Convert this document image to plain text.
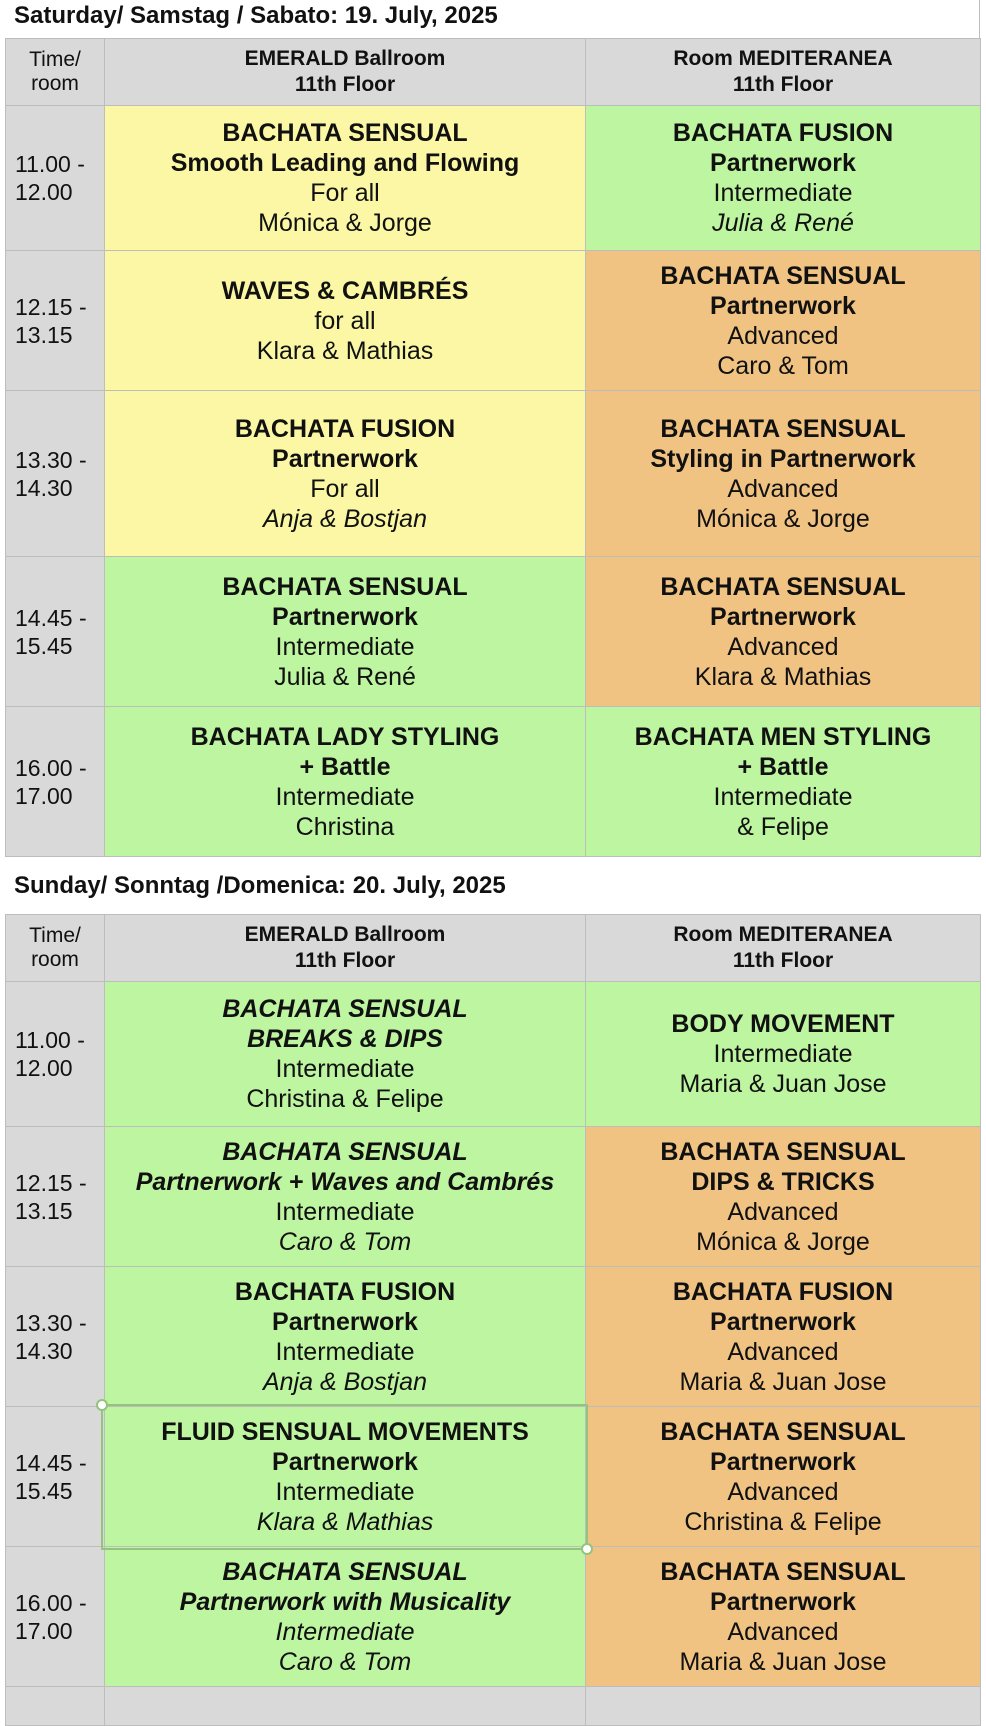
Saturday/ Samstag / Sabato: 19. July, 2025
Time/
room	EMERALD Ballroom
11th Floor	Room MEDITERANEA
11th Floor

11.00 -
12.00	BACHATA SENSUAL
Smooth Leading and Flowing
For all
Mónica & Jorge	BACHATA FUSION
Partnerwork
Intermediate
Julia & René

12.15 -
13.15	WAVES & CAMBRÉS
for all
Klara & Mathias	BACHATA SENSUAL
Partnerwork
Advanced
Caro & Tom

13.30 -
14.30	BACHATA FUSION
Partnerwork
For all
Anja & Bostjan	BACHATA SENSUAL
Styling in Partnerwork
Advanced
Mónica & Jorge

14.45 -
15.45	BACHATA SENSUAL
Partnerwork
Intermediate
Julia & René	BACHATA SENSUAL
Partnerwork
Advanced
Klara & Mathias

16.00 -
17.00	BACHATA LADY STYLING
+ Battle
Intermediate
Christina	BACHATA MEN STYLING
+ Battle
Intermediate
& Felipe
Sunday/ Sonntag /Domenica: 20. July, 2025
Time/
room	EMERALD Ballroom
11th Floor	Room MEDITERANEA
11th Floor

11.00 -
12.00	BACHATA SENSUAL
BREAKS & DIPS
Intermediate
Christina & Felipe	BODY MOVEMENT
Intermediate
Maria & Juan Jose

12.15 -
13.15	BACHATA SENSUAL
Partnerwork + Waves and Cambrés
Intermediate
Caro & Tom	BACHATA SENSUAL
DIPS & TRICKS
Advanced
Mónica & Jorge

13.30 -
14.30	BACHATA FUSION
Partnerwork
Intermediate
Anja & Bostjan	BACHATA FUSION
Partnerwork
Advanced
Maria & Juan Jose

14.45 -
15.45	FLUID SENSUAL MOVEMENTS
Partnerwork
Intermediate
Klara & Mathias	BACHATA SENSUAL
Partnerwork
Advanced
Christina & Felipe

16.00 -
17.00	BACHATA SENSUAL
Partnerwork with Musicality
Intermediate
Caro & Tom	BACHATA SENSUAL
Partnerwork
Advanced
Maria & Juan Jose
